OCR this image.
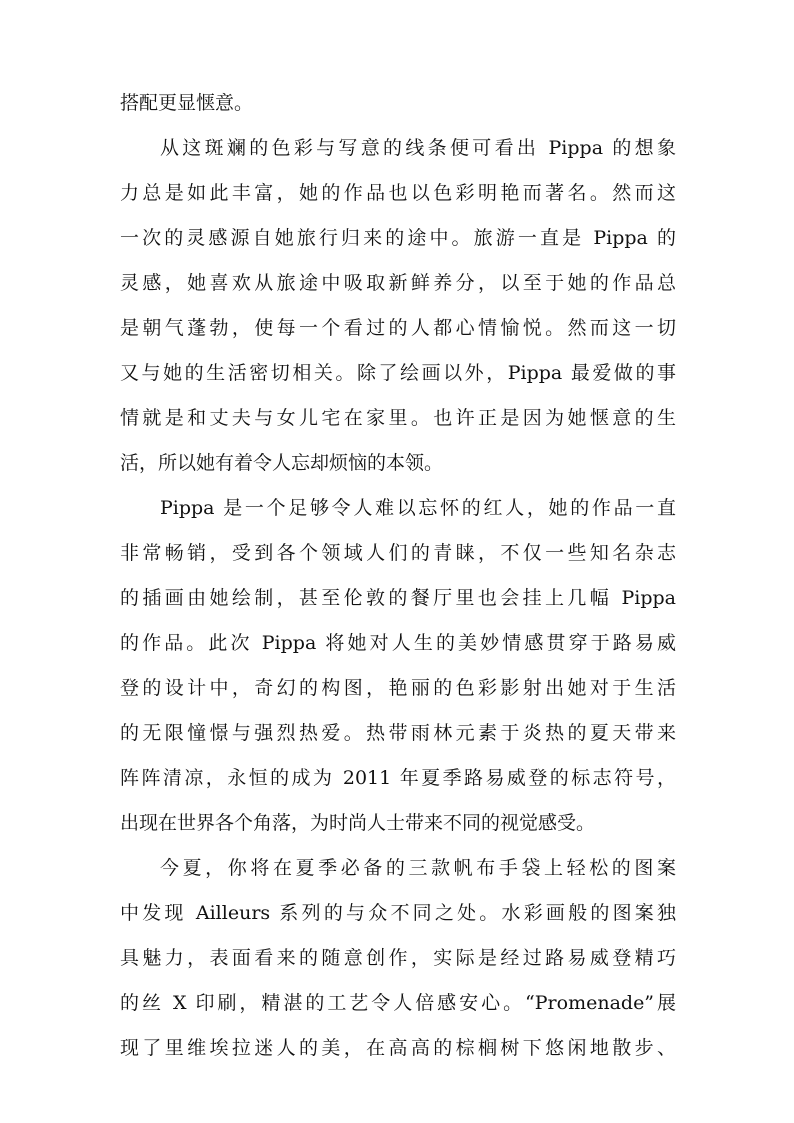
搭配更显惬意。
从这斑斓的色彩与写意的线条便可看出 Pippa 的想象
力总是如此丰富，她的作品也以色彩明艳而著名。然而这
一次的灵感源自她旅行归来的途中。旅游一直是 Pippa 的
灵感，她喜欢从旅途中吸取新鲜养分，以至于她的作品总
是朝气蓬勃，使每一个看过的人都心情愉悦。然而这一切
又与她的生活密切相关。除了绘画以外，Pippa 最爱做的事
情就是和丈夫与女儿宅在家里。也许正是因为她惬意的生
活，所以她有着令人忘却烦恼的本领。
Pippa 是一个足够令人难以忘怀的红人，她的作品一直
非常畅销，受到各个领域人们的青睐，不仅一些知名杂志
的插画由她绘制，甚至伦敦的餐厅里也会挂上几幅 Pippa
的作品。此次 Pippa 将她对人生的美妙情感贯穿于路易威
登的设计中，奇幻的构图，艳丽的色彩影射出她对于生活
的无限憧憬与强烈热爱。热带雨林元素于炎热的夏天带来
阵阵清凉，永恒的成为 2011 年夏季路易威登的标志符号，
出现在世界各个角落，为时尚人士带来不同的视觉感受。
今夏，你将在夏季必备的三款帆布手袋上轻松的图案
中发现 Ailleurs 系列的与众不同之处。水彩画般的图案独
具魅力，表面看来的随意创作，实际是经过路易威登精巧
的丝 X 印刷，精湛的工艺令人倍感安心。“Promenade”展
现了里维埃拉迷人的美，在高高的棕榈树下悠闲地散步、
